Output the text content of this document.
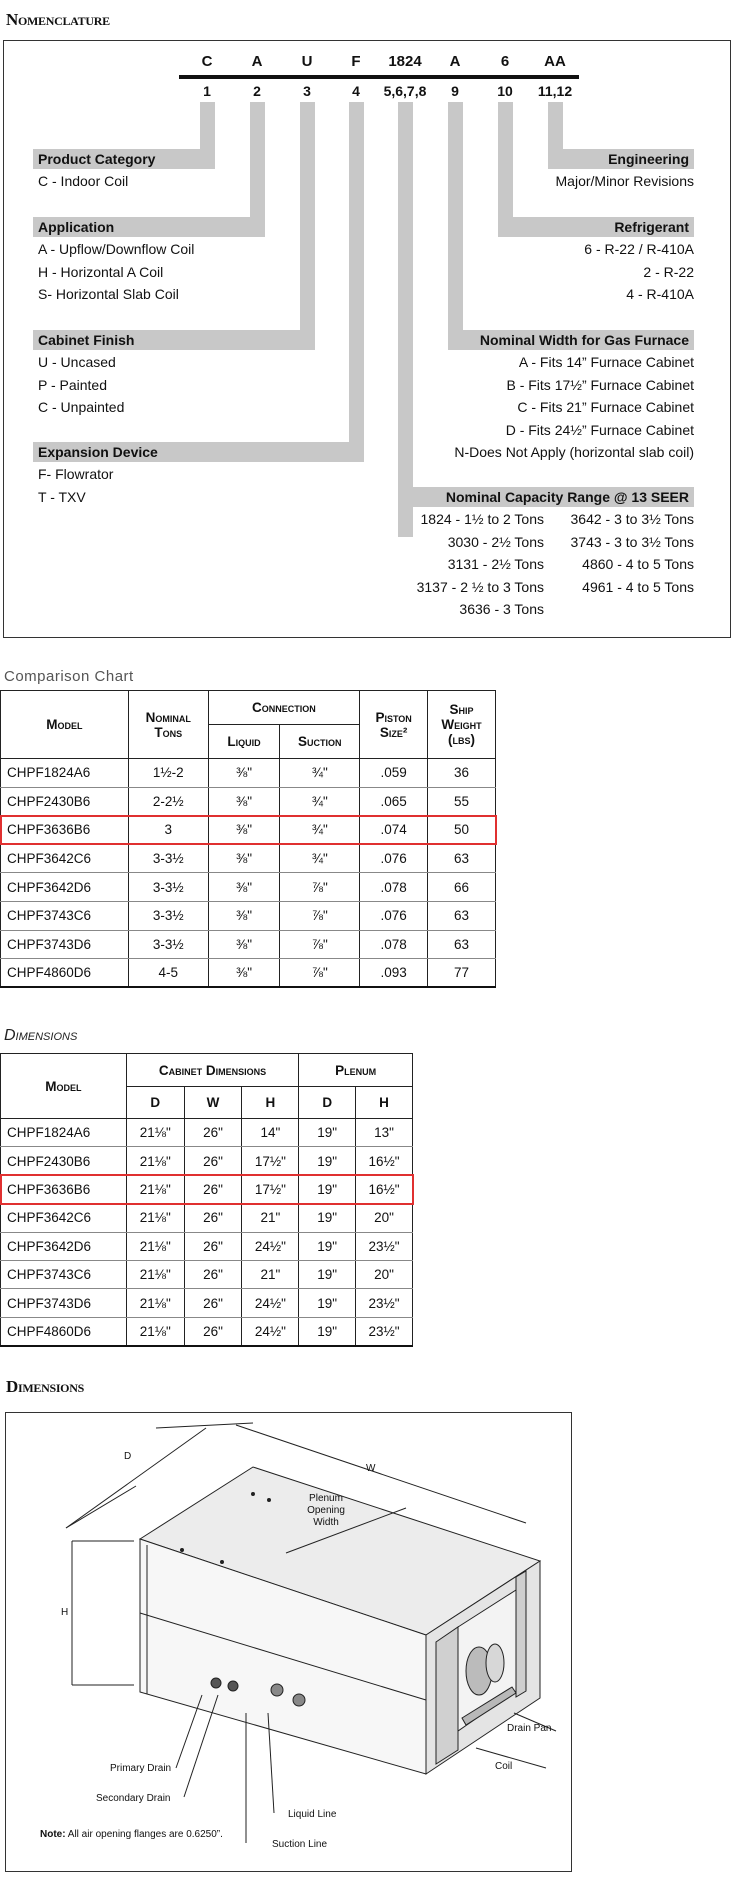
Nomenclature
C	A	U	F	1824	A	6	AA
1	2	3	4	5,6,7,8	9	10	11,12
Product Category
C - Indoor Coil
Application
A - Upflow/Downflow Coil
H - Horizontal A Coil
S- Horizontal Slab Coil
Cabinet Finish
U - Uncased
P - Painted
C - Unpainted
Expansion Device
F- Flowrator
T - TXV
Engineering
Major/Minor Revisions
Refrigerant
6 - R-22 / R-410A
2 - R-22
4 - R-410A
Nominal Width for Gas Furnace
A - Fits 14” Furnace Cabinet
B - Fits 17½” Furnace Cabinet
C - Fits 21” Furnace Cabinet
D - Fits 24½” Furnace Cabinet
N-Does Not Apply (horizontal slab coil)
Nominal Capacity Range @ 13 SEER
1824 - 1½ to 2 Tons
3030 - 2½ Tons
3131 - 2½ Tons
3137 - 2 ½ to 3 Tons
3636 - 3 Tons
3642 - 3 to 3½ Tons
3743 - 3 to 3½ Tons
4860 - 4 to 5 Tons
4961 - 4 to 5 Tons
Comparison Chart
Model	Nominal Tons	Connection		Piston Size²	Ship Weight (lbs)
		Liquid	Suction		
CHPF1824A6	1½-2	⅜"	¾"	.059	36
CHPF2430B6	2-2½	⅜"	¾"	.065	55
CHPF3636B6	3	⅜"	¾"	.074	50
CHPF3642C6	3-3½	⅜"	¾"	.076	63
CHPF3642D6	3-3½	⅜"	⅞"	.078	66
CHPF3743C6	3-3½	⅜"	⅞"	.076	63
CHPF3743D6	3-3½	⅜"	⅞"	.078	63
CHPF4860D6	4-5	⅜"	⅞"	.093	77
Dimensions
Model	Cabinet Dimensions			Plenum	
	D	W	H	D	H
CHPF1824A6	21⅛"	26"	14"	19"	13"
CHPF2430B6	21⅛"	26"	17½"	19"	16½"
CHPF3636B6	21⅛"	26"	17½"	19"	16½"
CHPF3642C6	21⅛"	26"	21"	19"	20"
CHPF3642D6	21⅛"	26"	24½"	19"	23½"
CHPF3743C6	21⅛"	26"	21"	19"	20"
CHPF3743D6	21⅛"	26"	24½"	19"	23½"
CHPF4860D6	21⅛"	26"	24½"	19"	23½"
Dimensions
D
W
H
Plenum
Opening
Width
Drain Pan
Coil
Primary Drain
Secondary Drain
Liquid Line
Suction Line
Note: All air opening flanges are 0.6250”.
